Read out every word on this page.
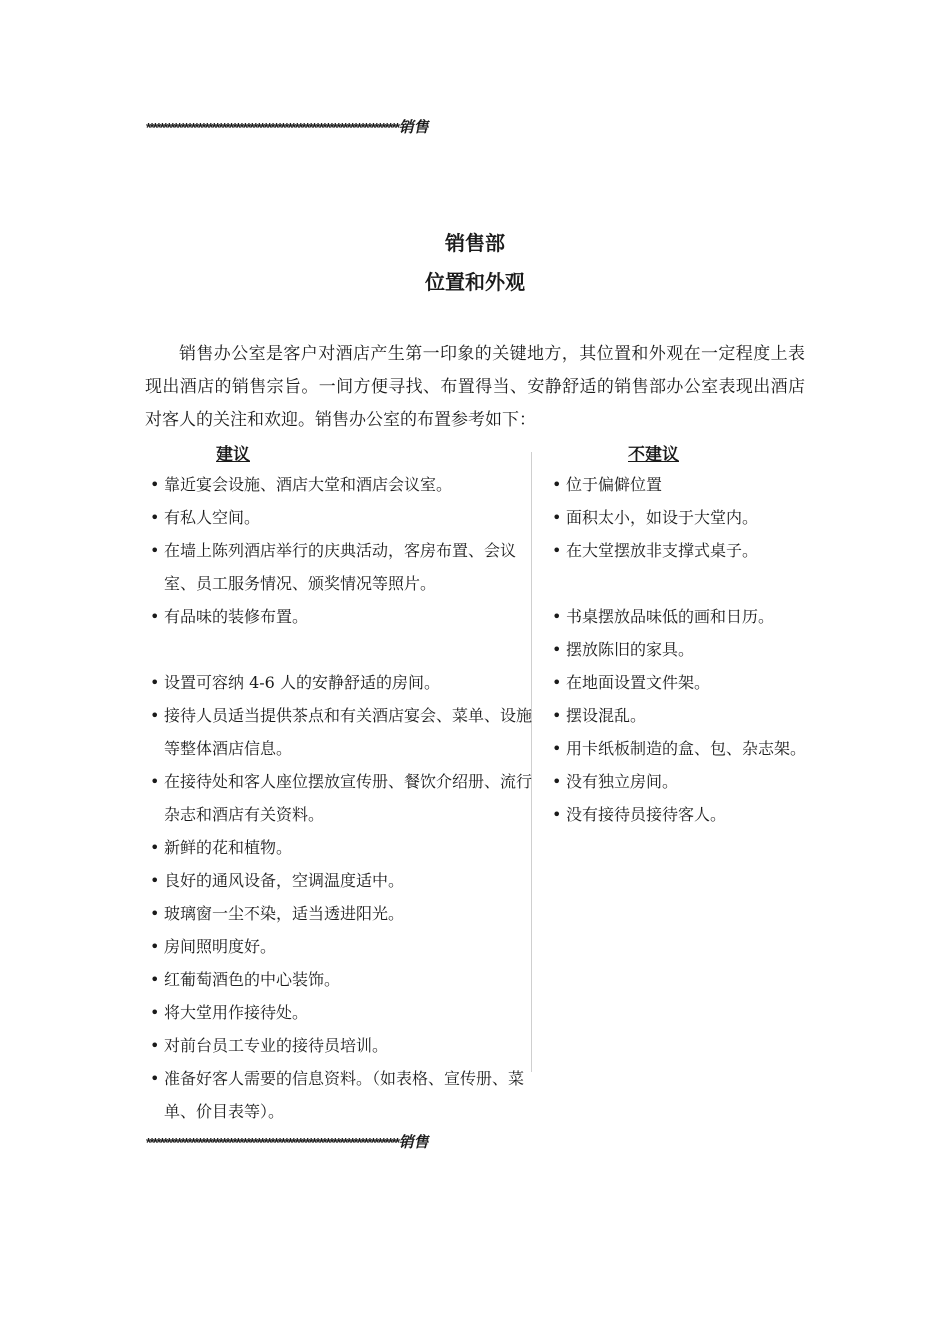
*************************************************************************销售
销售部
位置和外观

销售办公室是客户对酒店产生第一印象的关键地方，其位置和外观在一定程度上表现出酒店的销售宗旨。一间方便寻找、布置得当、安静舒适的销售部办公室表现出酒店对客人的关注和欢迎。销售办公室的布置参考如下：

建议	不建议
• 靠近宴会设施、酒店大堂和酒店会议室。
• 有私人空间。
• 在墙上陈列酒店举行的庆典活动，客房布置、会议室、员工服务情况、颁奖情况等照片。
• 有品味的装修布置。
• 设置可容纳 4-6 人的安静舒适的房间。
• 接待人员适当提供茶点和有关酒店宴会、菜单、设施等整体酒店信息。
• 在接待处和客人座位摆放宣传册、餐饮介绍册、流行杂志和酒店有关资料。
• 新鲜的花和植物。
• 良好的通风设备，空调温度适中。
• 玻璃窗一尘不染，适当透进阳光。
• 房间照明度好。
• 红葡萄酒色的中心装饰。
• 将大堂用作接待处。
• 对前台员工专业的接待员培训。
• 准备好客人需要的信息资料。（如表格、宣传册、菜单、价目表等）。
• 位于偏僻位置
• 面积太小，如设于大堂内。
• 在大堂摆放非支撑式桌子。
• 书桌摆放品味低的画和日历。
• 摆放陈旧的家具。
• 在地面设置文件架。
• 摆设混乱。
• 用卡纸板制造的盒、包、杂志架。
• 没有独立房间。
• 没有接待员接待客人。
*************************************************************************销售
